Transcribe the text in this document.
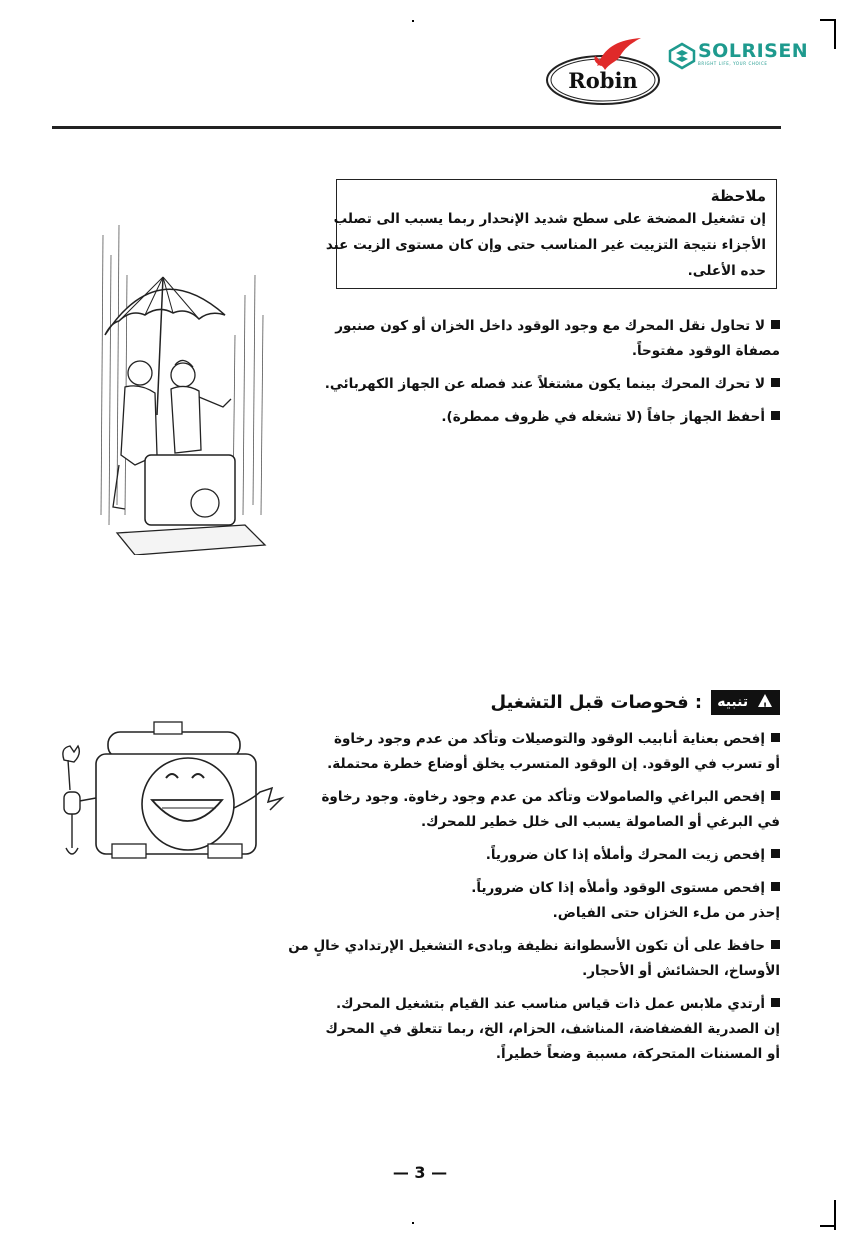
Robin
SOLRISEN
BRIGHT LIFE, YOUR CHOICE
ملاحظة
إن تشغيل المضخة على سطح شديد الإنحدار ربما يسبب الى تصلب
الأجزاء نتيجة التزييت غير المناسب حتى وإن كان مستوى الزيت عند
حده الأعلى.
لا تحاول نقل المحرك مع وجود الوقود داخل الخزان أو كون صنبور
مصفاة الوقود مفتوحاً.
لا تحرك المحرك بينما يكون مشتغلاً عند فصله عن الجهاز الكهربائي.
أحفظ الجهاز جافاً (لا تشغله في ظروف ممطرة).
!
تنبيه : فحوصات قبل التشغيل
إفحص بعناية أنابيب الوقود والتوصيلات وتأكد من عدم وجود رخاوة
أو تسرب في الوقود. إن الوقود المتسرب يخلق أوضاع خطرة محتملة.
إفحص البراغي والصامولات وتأكد من عدم وجود رخاوة. وجود رخاوة
في البرغي أو الصامولة يسبب الى خلل خطير للمحرك.
إفحص زيت المحرك وأملأه إذا كان ضرورياً.
إفحص مستوى الوقود وأملأه إذا كان ضرورياً.
إحذر من ملء الخزان حتى الفياض.
حافظ على أن تكون الأسطوانة نظيفة وبادىء التشغيل الإرتدادي خالٍ من
الأوساخ، الحشائش أو الأحجار.
أرتدي ملابس عمل ذات قياس مناسب عند القيام بتشغيل المحرك.
إن الصدرية الفضفاضة، المناشف، الحزام، الخ، ربما تتعلق في المحرك
أو المسننات المتحركة، مسببة وضعاً خطيراً.
— 3 —
